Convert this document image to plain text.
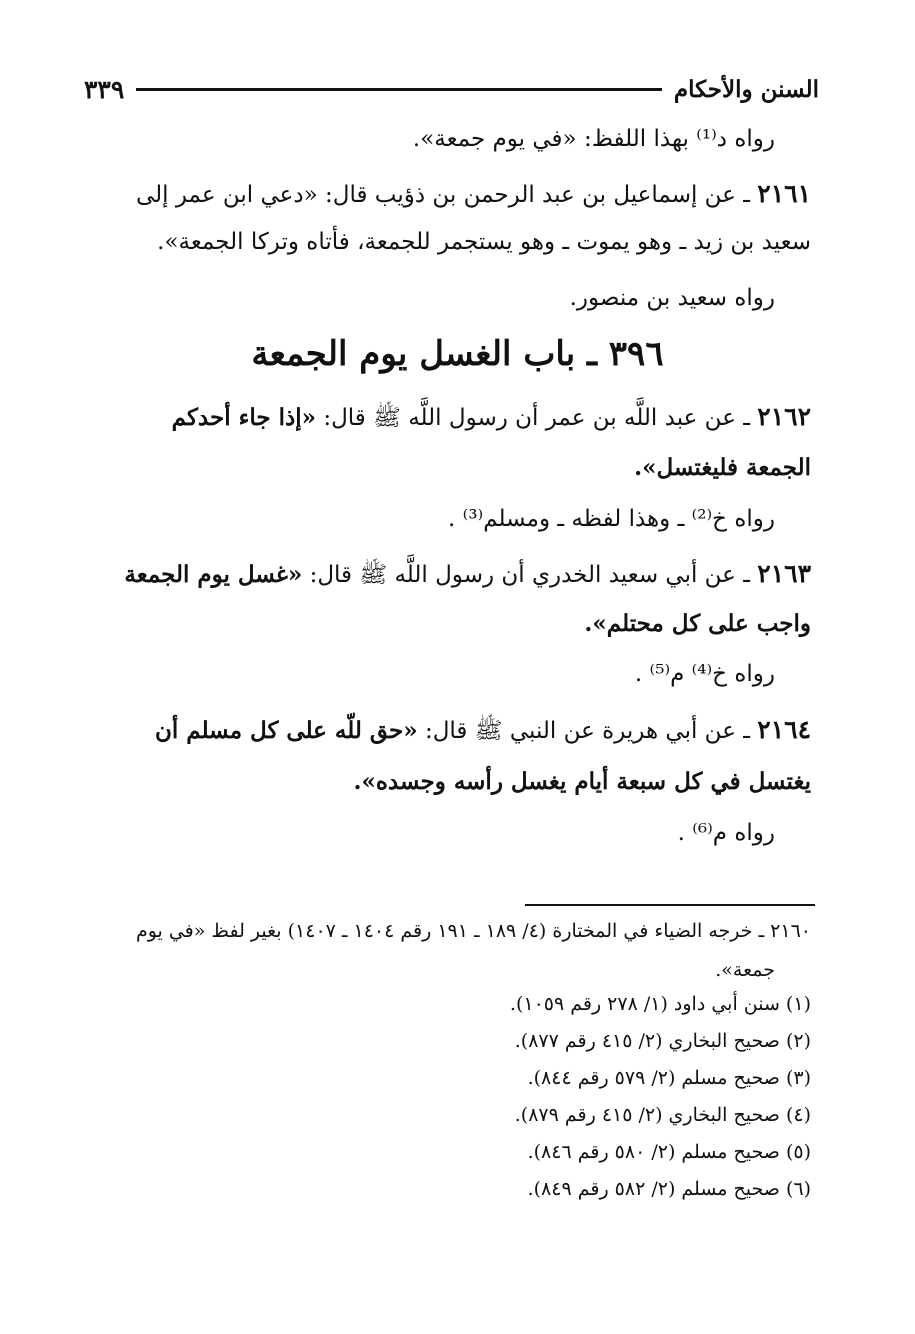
السنن والأحكام
٣٣٩
رواه د⁽¹⁾ بهذا اللفظ: «في يوم جمعة».
٢١٦١ ـ عن إسماعيل بن عبد الرحمن بن ذؤيب قال: «دعي ابن عمر إلى
سعيد بن زيد ـ وهو يموت ـ وهو يستجمر للجمعة، فأتاه وتركا الجمعة».
رواه سعيد بن منصور.
٣٩٦ ـ باب الغسل يوم الجمعة
٢١٦٢ ـ عن عبد اللَّه بن عمر أن رسول اللَّه ﷺ قال: «إذا جاء أحدكم
الجمعة فليغتسل».
رواه خ⁽²⁾ ـ وهذا لفظه ـ ومسلم⁽³⁾ .
٢١٦٣ ـ عن أبي سعيد الخدري أن رسول اللَّه ﷺ قال: «غسل يوم الجمعة
واجب على كل محتلم».
رواه خ⁽⁴⁾ م⁽⁵⁾ .
٢١٦٤ ـ عن أبي هريرة عن النبي ﷺ قال: «حق للّه على كل مسلم أن
يغتسل في كل سبعة أيام يغسل رأسه وجسده».
رواه م⁽⁶⁾ .
٢١٦٠ ـ خرجه الضياء في المختارة (٤/ ١٨٩ ـ ١٩١ رقم ١٤٠٤ ـ ١٤٠٧) بغير لفظ «في يوم
جمعة».
(١) سنن أبي داود (١/ ٢٧٨ رقم ١٠٥٩).
(٢) صحيح البخاري (٢/ ٤١٥ رقم ٨٧٧).
(٣) صحيح مسلم (٢/ ٥٧٩ رقم ٨٤٤).
(٤) صحيح البخاري (٢/ ٤١٥ رقم ٨٧٩).
(٥) صحيح مسلم (٢/ ٥٨٠ رقم ٨٤٦).
(٦) صحيح مسلم (٢/ ٥٨٢ رقم ٨٤٩).
